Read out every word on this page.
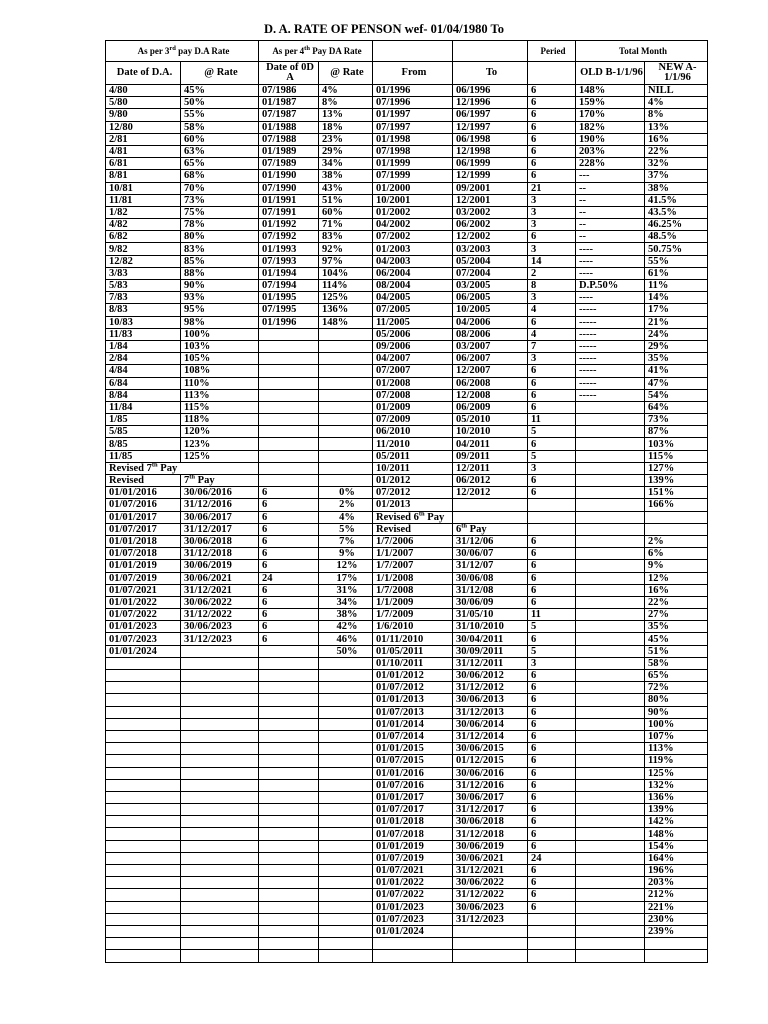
D. A. RATE OF PENSON wef- 01/04/1980 To
As per 3rd pay D.A Rate		As per 4th Pay DA Rate				Peried	Total Month	
Date of D.A.	@ Rate	Date of 0D A	@ Rate	From	To		OLD B-1/1/96	NEW A-1/1/96
4/80	45%	07/1986	4%	01/1996	06/1996	6	148%	NILL
5/80	50%	01/1987	8%	07/1996	12/1996	6	159%	4%
9/80	55%	07/1987	13%	01/1997	06/1997	6	170%	8%
12/80	58%	01/1988	18%	07/1997	12/1997	6	182%	13%
2/81	60%	07/1988	23%	01/1998	06/1998	6	190%	16%
4/81	63%	01/1989	29%	07/1998	12/1998	6	203%	22%
6/81	65%	07/1989	34%	01/1999	06/1999	6	228%	32%
8/81	68%	01/1990	38%	07/1999	12/1999	6	---	37%
10/81	70%	07/1990	43%	01/2000	09/2001	21	--	38%
11/81	73%	01/1991	51%	10/2001	12/2001	3	--	41.5%
1/82	75%	07/1991	60%	01/2002	03/2002	3	--	43.5%
4/82	78%	01/1992	71%	04/2002	06/2002	3	--	46.25%
6/82	80%	07/1992	83%	07/2002	12/2002	6	--	48.5%
9/82	83%	01/1993	92%	01/2003	03/2003	3	----	50.75%
12/82	85%	07/1993	97%	04/2003	05/2004	14	----	55%
3/83	88%	01/1994	104%	06/2004	07/2004	2	----	61%
5/83	90%	07/1994	114%	08/2004	03/2005	8	D.P.50%	11%
7/83	93%	01/1995	125%	04/2005	06/2005	3	----	14%
8/83	95%	07/1995	136%	07/2005	10/2005	4	-----	17%
10/83	98%	01/1996	148%	11/2005	04/2006	6	-----	21%
11/83	100%			05/2006	08/2006	4	-----	24%
1/84	103%			09/2006	03/2007	7	-----	29%
2/84	105%			04/2007	06/2007	3	-----	35%
4/84	108%			07/2007	12/2007	6	-----	41%
6/84	110%			01/2008	06/2008	6	-----	47%
8/84	113%			07/2008	12/2008	6	-----	54%
11/84	115%			01/2009	06/2009	6		64%
1/85	118%			07/2009	05/2010	11		73%
5/85	120%			06/2010	10/2010	5		87%
8/85	123%			11/2010	04/2011	6		103%
11/85	125%			05/2011	09/2011	5		115%
Revised 7th Pay				10/2011	12/2011	3		127%
Revised	7th Pay			01/2012	06/2012	6		139%
01/01/2016	30/06/2016	6	0%	07/2012	12/2012	6		151%
01/07/2016	31/12/2016	6	2%	01/2013				166%
01/01/2017	30/06/2017	6	4%	Revised 6th Pay				
01/07/2017	31/12/2017	6	5%	Revised	6th Pay			
01/01/2018	30/06/2018	6	7%	1/7/2006	31/12/06	6		2%
01/07/2018	31/12/2018	6	9%	1/1/2007	30/06/07	6		6%
01/01/2019	30/06/2019	6	12%	1/7/2007	31/12/07	6		9%
01/07/2019	30/06/2021	24	17%	1/1/2008	30/06/08	6		12%
01/07/2021	31/12/2021	6	31%	1/7/2008	31/12/08	6		16%
01/01/2022	30/06/2022	6	34%	1/1/2009	30/06/09	6		22%
01/07/2022	31/12/2022	6	38%	1/7/2009	31/05/10	11		27%
01/01/2023	30/06/2023	6	42%	1/6/2010	31/10/2010	5		35%
01/07/2023	31/12/2023	6	46%	01/11/2010	30/04/2011	6		45%
01/01/2024			50%	01/05/2011	30/09/2011	5		51%
				01/10/2011	31/12/2011	3		58%
				01/01/2012	30/06/2012	6		65%
				01/07/2012	31/12/2012	6		72%
				01/01/2013	30/06/2013	6		80%
				01/07/2013	31/12/2013	6		90%
				01/01/2014	30/06/2014	6		100%
				01/07/2014	31/12/2014	6		107%
				01/01/2015	30/06/2015	6		113%
				01/07/2015	01/12/2015	6		119%
				01/01/2016	30/06/2016	6		125%
				01/07/2016	31/12/2016	6		132%
				01/01/2017	30/06/2017	6		136%
				01/07/2017	31/12/2017	6		139%
				01/01/2018	30/06/2018	6		142%
				01/07/2018	31/12/2018	6		148%
				01/01/2019	30/06/2019	6		154%
				01/07/2019	30/06/2021	24		164%
				01/07/2021	31/12/2021	6		196%
				01/01/2022	30/06/2022	6		203%
				01/07/2022	31/12/2022	6		212%
				01/01/2023	30/06/2023	6		221%
				01/07/2023	31/12/2023			230%
				01/01/2024				239%
